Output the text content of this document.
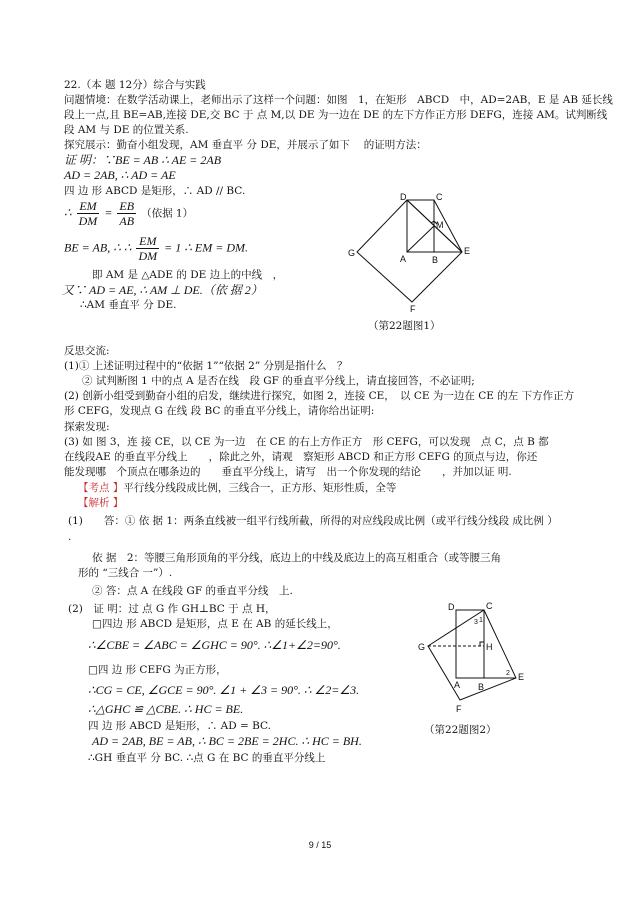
22.（本 题 12分）综合与实践
问题情境：在数学活动课上，老师出示了这样一个问题：如图　1，在矩形　ABCD　中，AD=2AB，E 是 AB 延长线
段上一点,且 BE=AB,连接 DE,交 BC 于 点 M,以 DE 为一边在 DE 的左下方作正方形 DEFG，连接 AM。试判断线
段 AM 与 DE 的位置关系.
探究展示：勤奋小组发现，AM 垂直平 分 DE，并展示了如下　 的证明方法：
证 明：∵BE = AB ∴ AE = 2AB
AD = 2AB, ∴ AD = AE
四 边 形 ABCD 是矩形，∴ AD // BC.
∴ $\frac{EM}{DM} = \frac{EB}{AB}$ （依据 1）
BE = AB, ∴ ∴ $\frac{EM}{DM} = 1$ ∴ EM = DM.
即 AM 是 △ADE 的 DE 边上的中线　，
又∵ AD = AE, ∴ AM ⊥ DE.（依 据 2）
∴AM 垂直平 分 DE.
D	C
M
G
A	B
E
F
（第22题图1）
反思交流:
(1)① 上述证明过程中的“依据 1”“依据 2” 分别是指什么　？
② 试判断图 1 中的点 A 是否在线　段 GF 的垂直平分线上，请直接回答，不必证明;
(2) 创新小组受到勤奋小组的启发，继续进行探究，如图 2，连接 CE，　以 CE 为一边在 CE 的左 下方作正方
形 CEFG，发现点 G 在线 段 BC 的垂直平分线上，请你给出证明:
探索发现:
(3) 如 图 3，连 接 CE，以 CE 为一边　在 CE 的右上方作正方　形 CEFG，可以发现　点 C，点 B 都
在线段AE 的垂直平分线上　　，除此之外，请观　察矩形 ABCD 和正方形 CEFG 的顶点与边，你还
能发现哪　个顶点在哪条边的　　垂直平分线上，请写　出一个你发现的结论　　，并加以证 明.
【考点 】平行线分线段成比例，三线合一，正方形、矩形性质，全等
【解析 】
(1)　　答：① 依 据 1：两条直线被一组平行线所截，所得的对应线段成比例（或平行线分线段 成比例 ）
.
依 据　2：等腰三角形顶角的平分线，底边上的中线及底边上的高互相重合（或等腰三角
形的 “三线合 一”）.
② 答：点 A 在线段 GF 的垂直平分线　上.
(2)　证 明：过 点 G 作 GH⊥BC 于 点 H，
□四边 形 ABCD 是矩形，点 E 在 AB 的延长线上，
∴∠CBE = ∠ABC = ∠GHC = 90°. ∴∠1+∠2=90°.
□四 边 形 CEFG 为正方形，
∴CG = CE, ∠GCE = 90°. ∠1 + ∠3 = 90°. ∴ ∠2=∠3.
∴△GHC ≌ △CBE. ∴ HC = BE.
四 边 形 ABCD 是矩形，∴ AD = BC.
AD = 2AB, BE = AB, ∴ BC = 2BE = 2HC. ∴ HC = BH.
∴GH 垂直平 分 BC. ∴点 G 在 BC 的垂直平分线上
D	C
H
G
A B
E
F
1
3
2
（第22题图2）
9 / 15
